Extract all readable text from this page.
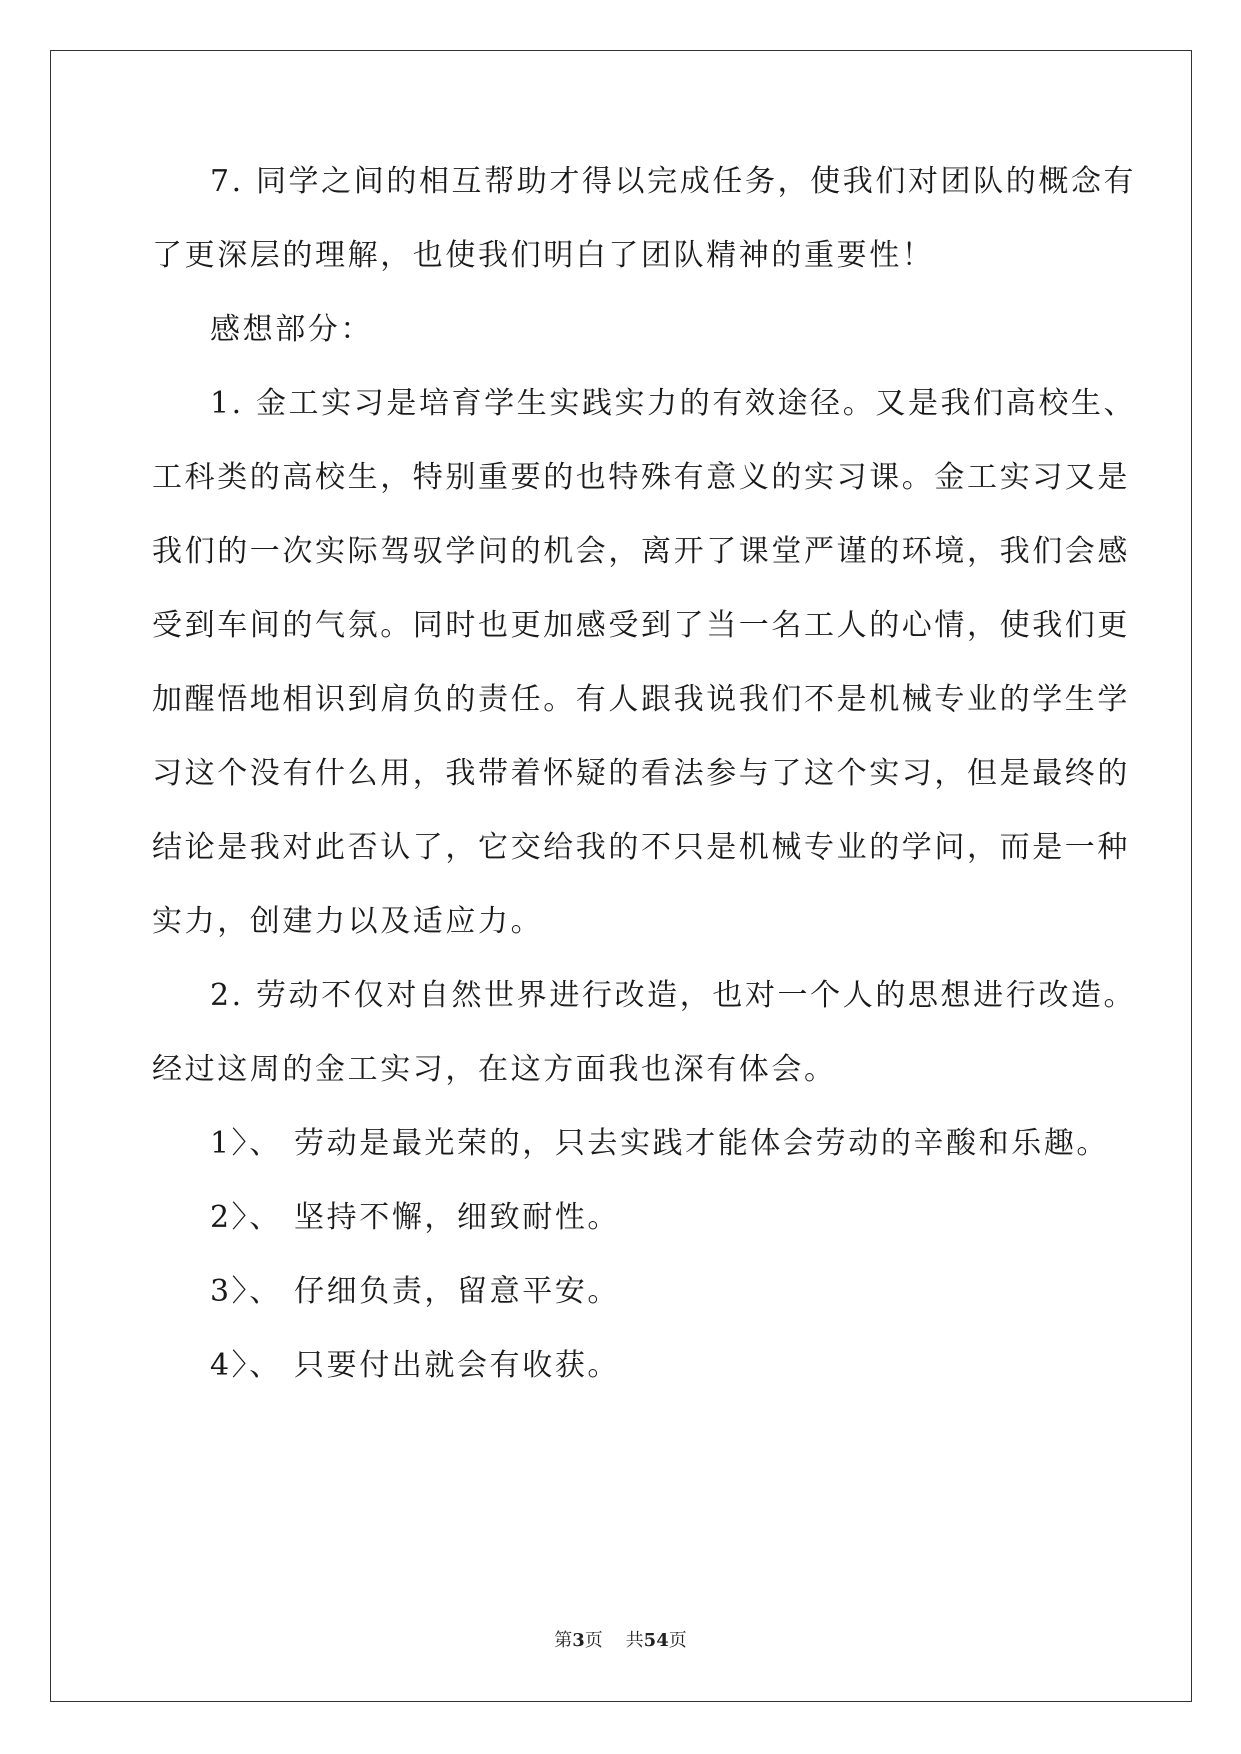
7. 同学之间的相互帮助才得以完成任务，使我们对团队的概念有
了更深层的理解，也使我们明白了团队精神的重要性！
感想部分：
1. 金工实习是培育学生实践实力的有效途径。又是我们高校生、
工科类的高校生，特别重要的也特殊有意义的实习课。金工实习又是
我们的一次实际驾驭学问的机会，离开了课堂严谨的环境，我们会感
受到车间的气氛。同时也更加感受到了当一名工人的心情，使我们更
加醒悟地相识到肩负的责任。有人跟我说我们不是机械专业的学生学
习这个没有什么用，我带着怀疑的看法参与了这个实习，但是最终的
结论是我对此否认了，它交给我的不只是机械专业的学问，而是一种
实力，创建力以及适应力。
2. 劳动不仅对自然世界进行改造，也对一个人的思想进行改造。
经过这周的金工实习，在这方面我也深有体会。
1〉、 劳动是最光荣的，只去实践才能体会劳动的辛酸和乐趣。
2〉、 坚持不懈，细致耐性。
3〉、 仔细负责，留意平安。
4〉、 只要付出就会有收获。
第3页 共54页
